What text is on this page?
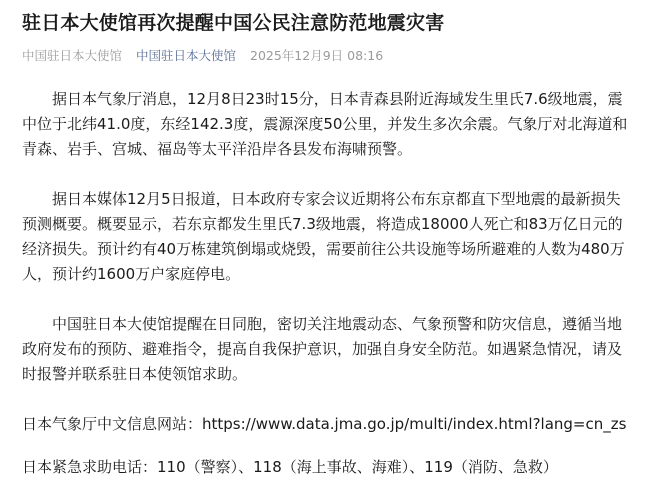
驻日本大使馆再次提醒中国公民注意防范地震灾害
中国驻日本大使馆 中国驻日本大使馆 2025年12月9日 08:16

据日本气象厅消息，12月8日23时15分，日本青森县附近海域发生里氏7.6级地震，震中位于北纬41.0度，东经142.3度，震源深度50公里，并发生多次余震。气象厅对北海道和青森、岩手、宫城、福岛等太平洋沿岸各县发布海啸预警。

据日本媒体12月5日报道，日本政府专家会议近期将公布东京都直下型地震的最新损失预测概要。概要显示，若东京都发生里氏7.3级地震，将造成18000人死亡和83万亿日元的经济损失。预计约有40万栋建筑倒塌或烧毁，需要前往公共设施等场所避难的人数为480万人，预计约1600万户家庭停电。

中国驻日本大使馆提醒在日同胞，密切关注地震动态、气象预警和防灾信息，遵循当地政府发布的预防、避难指令，提高自我保护意识，加强自身安全防范。如遇紧急情况，请及时报警并联系驻日本使领馆求助。

日本气象厅中文信息网站：https://www.data.jma.go.jp/multi/index.html?lang=cn_zs

日本紧急求助电话：110（警察）、118（海上事故、海难）、119（消防、急救）
